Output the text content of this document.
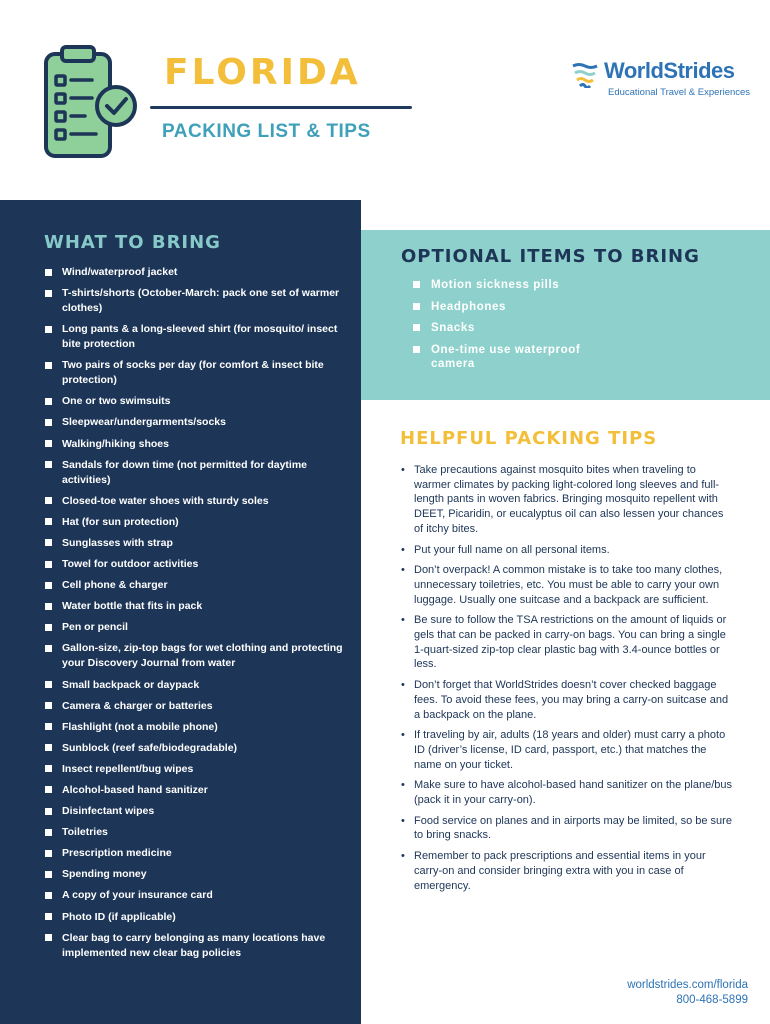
FLORIDA
PACKING LIST & TIPS
WorldStrides
Educational Travel & Experiences
WHAT TO BRING
Wind/waterproof jacket
T-shirts/shorts (October-March: pack one set of warmer clothes)
Long pants & a long-sleeved shirt (for mosquito/ insect bite protection
Two pairs of socks per day (for comfort & insect bite protection)
One or two swimsuits
Sleepwear/undergarments/socks
Walking/hiking shoes
Sandals for down time (not permitted for daytime activities)
Closed-toe water shoes with sturdy soles
Hat (for sun protection)
Sunglasses with strap
Towel for outdoor activities
Cell phone & charger
Water bottle that fits in pack
Pen or pencil
Gallon-size, zip-top bags for wet clothing and protecting your Discovery Journal from water
Small backpack or daypack
Camera & charger or batteries
Flashlight (not a mobile phone)
Sunblock (reef safe/biodegradable)
Insect repellent/bug wipes
Alcohol-based hand sanitizer
Disinfectant wipes
Toiletries
Prescription medicine
Spending money
A copy of your insurance card
Photo ID (if applicable)
Clear bag to carry belonging as many locations have implemented new clear bag policies
OPTIONAL ITEMS TO BRING
Motion sickness pills
Headphones
Snacks
One-time use waterproof camera
HELPFUL PACKING TIPS
• Take precautions against mosquito bites when traveling to warmer climates by packing light-colored long sleeves and full-length pants in woven fabrics. Bringing mosquito repellent with DEET, Picaridin, or eucalyptus oil can also lessen your chances of itchy bites.
• Put your full name on all personal items.
• Don’t overpack! A common mistake is to take too many clothes, unnecessary toiletries, etc. You must be able to carry your own luggage. Usually one suitcase and a backpack are sufficient.
• Be sure to follow the TSA restrictions on the amount of liquids or gels that can be packed in carry-on bags. You can bring a single 1-quart-sized zip-top clear plastic bag with 3.4-ounce bottles or less.
• Don’t forget that WorldStrides doesn’t cover checked baggage fees. To avoid these fees, you may bring a carry-on suitcase and a backpack on the plane.
• If traveling by air, adults (18 years and older) must carry a photo ID (driver’s license, ID card, passport, etc.) that matches the name on your ticket.
• Make sure to have alcohol-based hand sanitizer on the plane/bus (pack it in your carry-on).
• Food service on planes and in airports may be limited, so be sure to bring snacks.
• Remember to pack prescriptions and essential items in your carry-on and consider bringing extra with you in case of emergency.
worldstrides.com/florida
800-468-5899
